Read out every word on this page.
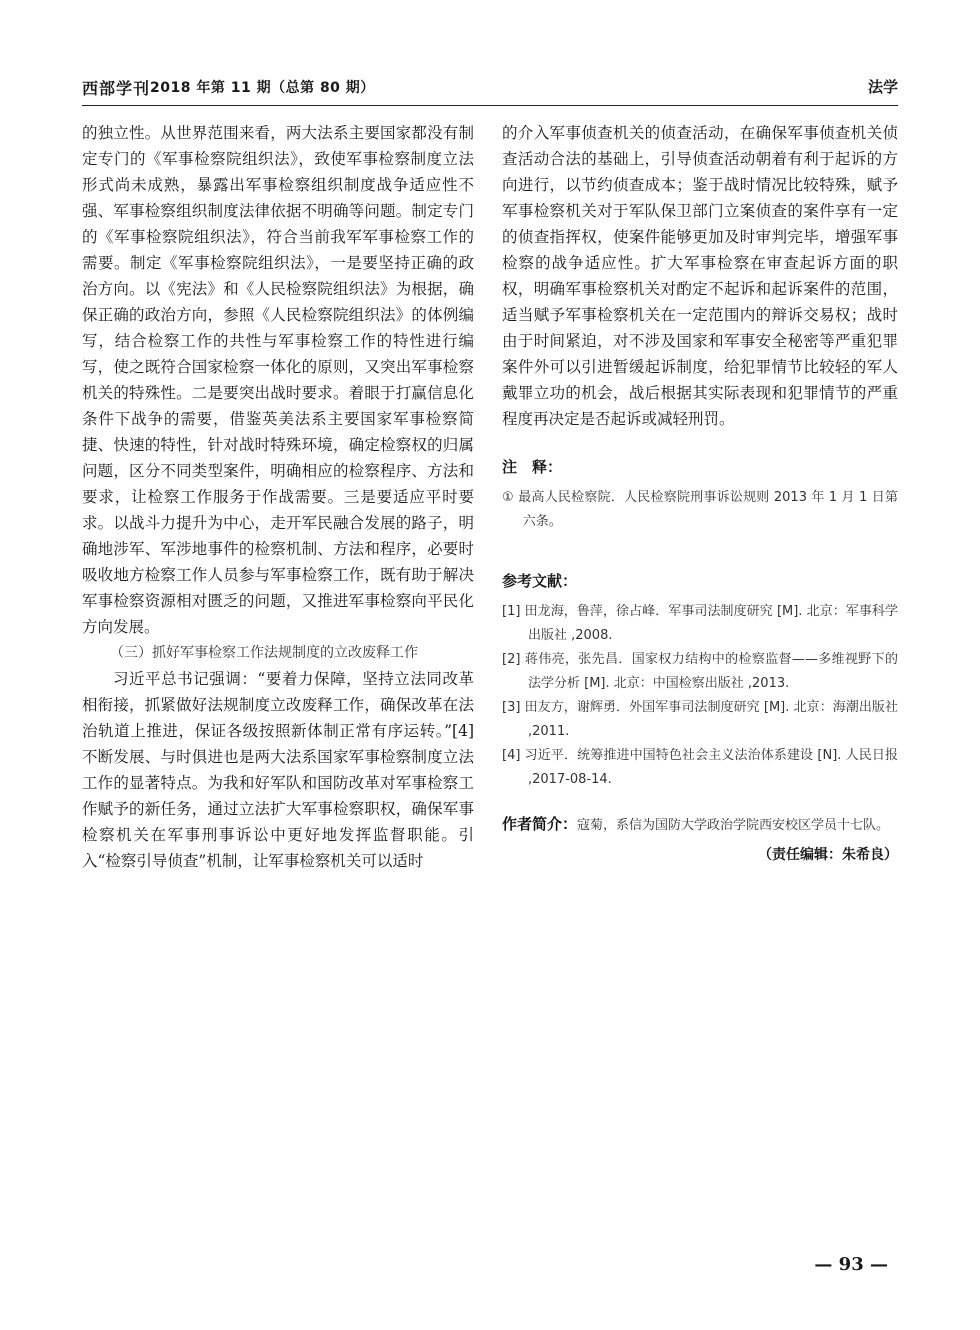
西部学刊 2018 年第 11 期（总第 80 期）	法学

的独立性。从世界范围来看，两大法系主要国家都没有制定专门的《军事检察院组织法》，致使军事检察制度立法形式尚未成熟，暴露出军事检察组织制度战争适应性不强、军事检察组织制度法律依据不明确等问题。制定专门的《军事检察院组织法》，符合当前我军军事检察工作的需要。制定《军事检察院组织法》，一是要坚持正确的政治方向。以《宪法》和《人民检察院组织法》为根据，确保正确的政治方向，参照《人民检察院组织法》的体例编写，结合检察工作的共性与军事检察工作的特性进行编写，使之既符合国家检察一体化的原则，又突出军事检察机关的特殊性。二是要突出战时要求。着眼于打赢信息化条件下战争的需要，借鉴英美法系主要国家军事检察简捷、快速的特性，针对战时特殊环境，确定检察权的归属问题，区分不同类型案件，明确相应的检察程序、方法和要求，让检察工作服务于作战需要。三是要适应平时要求。以战斗力提升为中心，走开军民融合发展的路子，明确地涉军、军涉地事件的检察机制、方法和程序，必要时吸收地方检察工作人员参与军事检察工作，既有助于解决军事检察资源相对匮乏的问题，又推进军事检察向平民化方向发展。

（三）抓好军事检察工作法规制度的立改废释工作

习近平总书记强调：“要着力保障，坚持立法同改革相衔接，抓紧做好法规制度立改废释工作，确保改革在法治轨道上推进，保证各级按照新体制正常有序运转。”[4] 不断发展、与时俱进也是两大法系国家军事检察制度立法工作的显著特点。为我和好军队和国防改革对军事检察工作赋予的新任务，通过立法扩大军事检察职权，确保军事检察机关在军事刑事诉讼中更好地发挥监督职能。引入“检察引导侦查”机制，让军事检察机关可以适时

的介入军事侦查机关的侦查活动，在确保军事侦查机关侦查活动合法的基础上，引导侦查活动朝着有利于起诉的方向进行，以节约侦查成本；鉴于战时情况比较特殊，赋予军事检察机关对于军队保卫部门立案侦查的案件享有一定的侦查指挥权，使案件能够更加及时审判完毕，增强军事检察的战争适应性。扩大军事检察在审查起诉方面的职权，明确军事检察机关对酌定不起诉和起诉案件的范围，适当赋予军事检察机关在一定范围内的辩诉交易权；战时由于时间紧迫，对不涉及国家和军事安全秘密等严重犯罪案件外可以引进暂缓起诉制度，给犯罪情节比较轻的军人戴罪立功的机会，战后根据其实际表现和犯罪情节的严重程度再决定是否起诉或减轻刑罚。

注　释：

① 最高人民检察院．人民检察院刑事诉讼规则 2013 年 1 月 1 日第六条。

参考文献：

[1] 田龙海，鲁萍，徐占峰．军事司法制度研究 [M]. 北京：军事科学出版社 ,2008.

[2] 蒋伟亮，张先昌．国家权力结构中的检察监督——多维视野下的法学分析 [M]. 北京：中国检察出版社 ,2013.

[3] 田友方，谢辉勇．外国军事司法制度研究 [M]. 北京：海潮出版社 ,2011.

[4] 习近平．统筹推进中国特色社会主义法治体系建设 [N]. 人民日报 ,2017-08-14.

作者简介：寇菊，系信为国防大学政治学院西安校区学员十七队。

（责任编辑：朱希良）

— 93 —
